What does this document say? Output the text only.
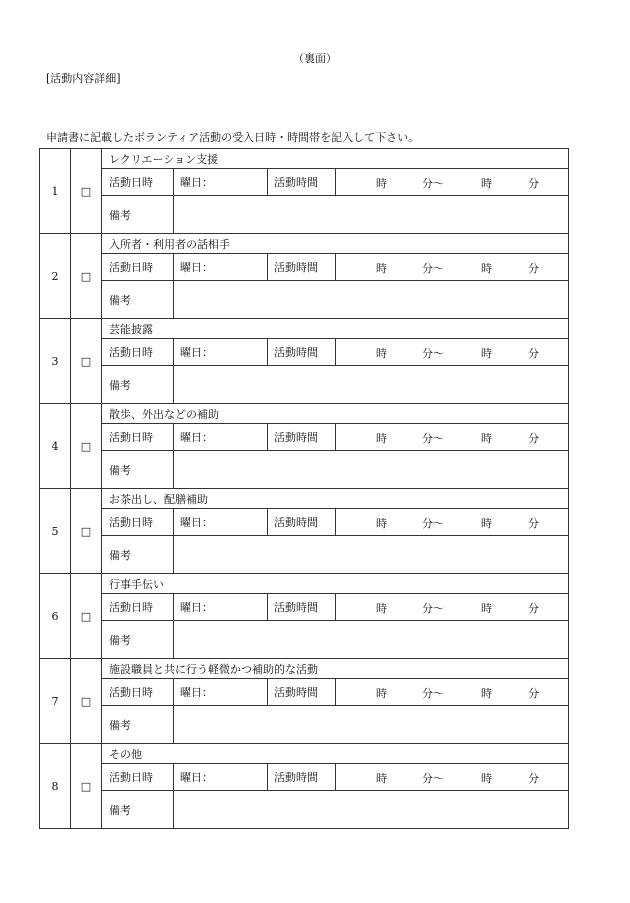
（裏面）
[活動内容詳細]
申請書に記載したボランティア活動の受入日時・時間帯を記入して下さい。
1	□	レクリエーション支援			
		活動日時	曜日：	活動時間	時 分～ 時 分

		備考			
2	□	入所者・利用者の話相手			
		活動日時	曜日：	活動時間	時 分～ 時 分

		備考			
3	□	芸能披露			
		活動日時	曜日：	活動時間	時 分～ 時 分

		備考			
4	□	散歩、外出などの補助			
		活動日時	曜日：	活動時間	時 分～ 時 分

		備考			
5	□	お茶出し、配膳補助			
		活動日時	曜日：	活動時間	時 分～ 時 分

		備考			
6	□	行事手伝い			
		活動日時	曜日：	活動時間	時 分～ 時 分

		備考			
7	□	施設職員と共に行う軽微かつ補助的な活動			
		活動日時	曜日：	活動時間	時 分～ 時 分

		備考			
8	□	その他			
		活動日時	曜日：	活動時間	時 分～ 時 分

		備考			
